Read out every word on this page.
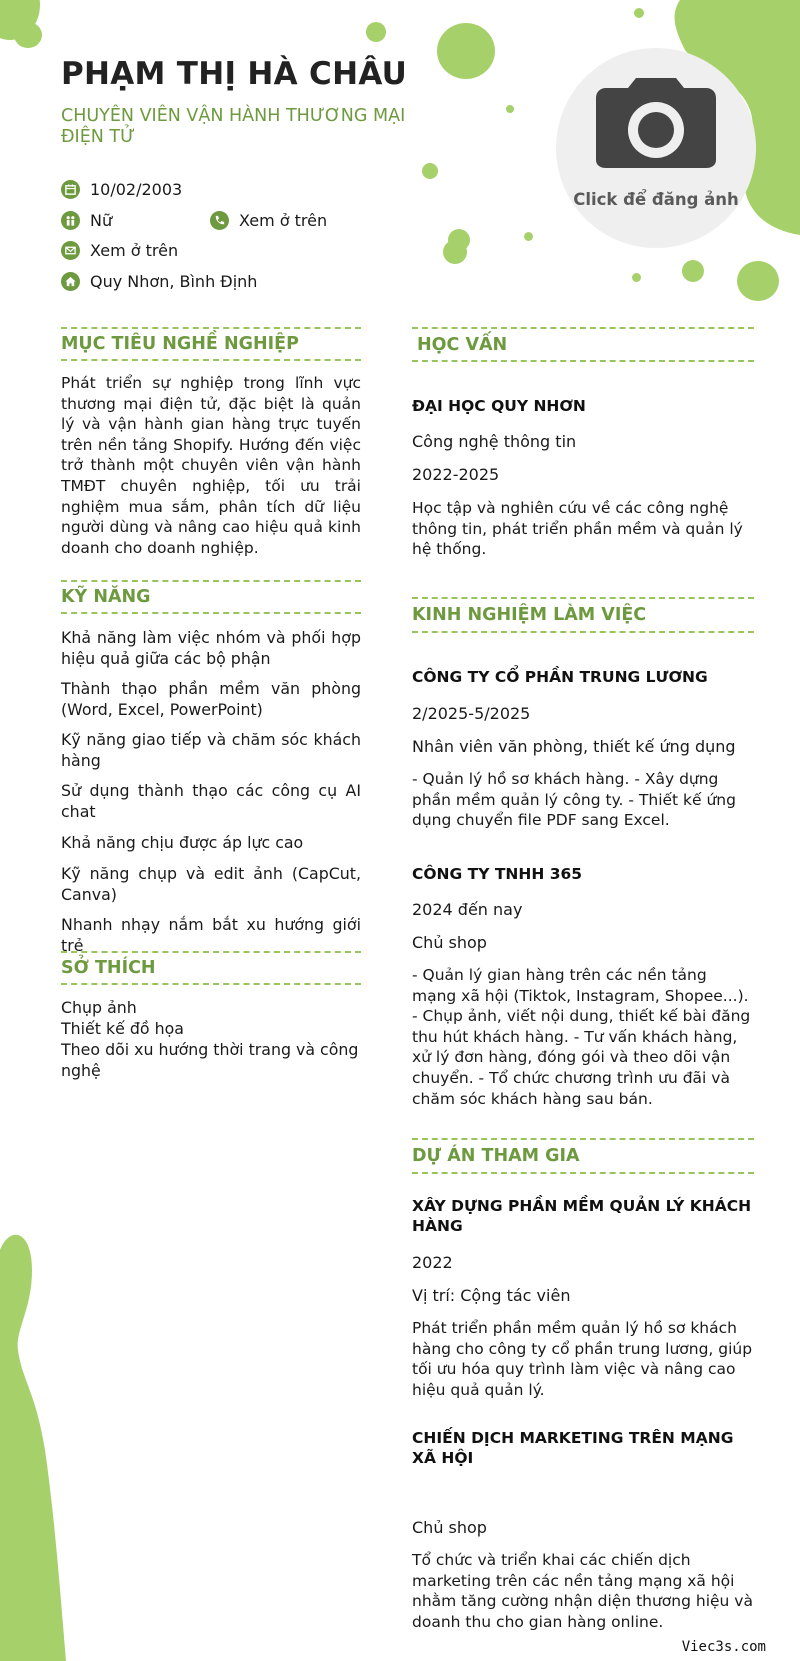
PHẠM THỊ HÀ CHÂU
CHUYÊN VIÊN VẬN HÀNH THƯƠNG MẠI ĐIỆN TỬ
10/02/2003
Nữ	Xem ở trên
Xem ở trên
Quy Nhơn, Bình Định
Click để đăng ảnh
MỤC TIÊU NGHỀ NGHIỆP

Phát triển sự nghiệp trong lĩnh vực thương mại điện tử, đặc biệt là quản lý và vận hành gian hàng trực tuyến trên nền tảng Shopify. Hướng đến việc trở thành một chuyên viên vận hành TMĐT chuyên nghiệp, tối ưu trải nghiệm mua sắm, phân tích dữ liệu người dùng và nâng cao hiệu quả kinh doanh cho doanh nghiệp.

KỸ NĂNG
Khả năng làm việc nhóm và phối hợp hiệu quả giữa các bộ phận
Thành thạo phần mềm văn phòng (Word, Excel, PowerPoint)
Kỹ năng giao tiếp và chăm sóc khách hàng
Sử dụng thành thạo các công cụ AI chat
Khả năng chịu được áp lực cao
Kỹ năng chụp và edit ảnh (CapCut, Canva)
Nhanh nhạy nắm bắt xu hướng giới trẻ
SỞ THÍCH
Chụp ảnh
Thiết kế đồ họa
Theo dõi xu hướng thời trang và công nghệ
HỌC VẤN
ĐẠI HỌC QUY NHƠN
Công nghệ thông tin
2022-2025

Học tập và nghiên cứu về các công nghệ thông tin, phát triển phần mềm và quản lý hệ thống.

KINH NGHIỆM LÀM VIỆC
CÔNG TY CỔ PHẦN TRUNG LƯƠNG
2/2025-5/2025
Nhân viên văn phòng, thiết kế ứng dụng

- Quản lý hồ sơ khách hàng. - Xây dựng phần mềm quản lý công ty. - Thiết kế ứng dụng chuyển file PDF sang Excel.

CÔNG TY TNHH 365
2024 đến nay
Chủ shop

- Quản lý gian hàng trên các nền tảng mạng xã hội (Tiktok, Instagram, Shopee...). - Chụp ảnh, viết nội dung, thiết kế bài đăng thu hút khách hàng. - Tư vấn khách hàng, xử lý đơn hàng, đóng gói và theo dõi vận chuyển. - Tổ chức chương trình ưu đãi và chăm sóc khách hàng sau bán.

DỰ ÁN THAM GIA
XÂY DỰNG PHẦN MỀM QUẢN LÝ KHÁCH HÀNG
2022
Vị trí: Cộng tác viên

Phát triển phần mềm quản lý hồ sơ khách hàng cho công ty cổ phần trung lương, giúp tối ưu hóa quy trình làm việc và nâng cao hiệu quả quản lý.

CHIẾN DỊCH MARKETING TRÊN MẠNG XÃ HỘI
Chủ shop

Tổ chức và triển khai các chiến dịch marketing trên các nền tảng mạng xã hội nhằm tăng cường nhận diện thương hiệu và doanh thu cho gian hàng online.

Viec3s.com
